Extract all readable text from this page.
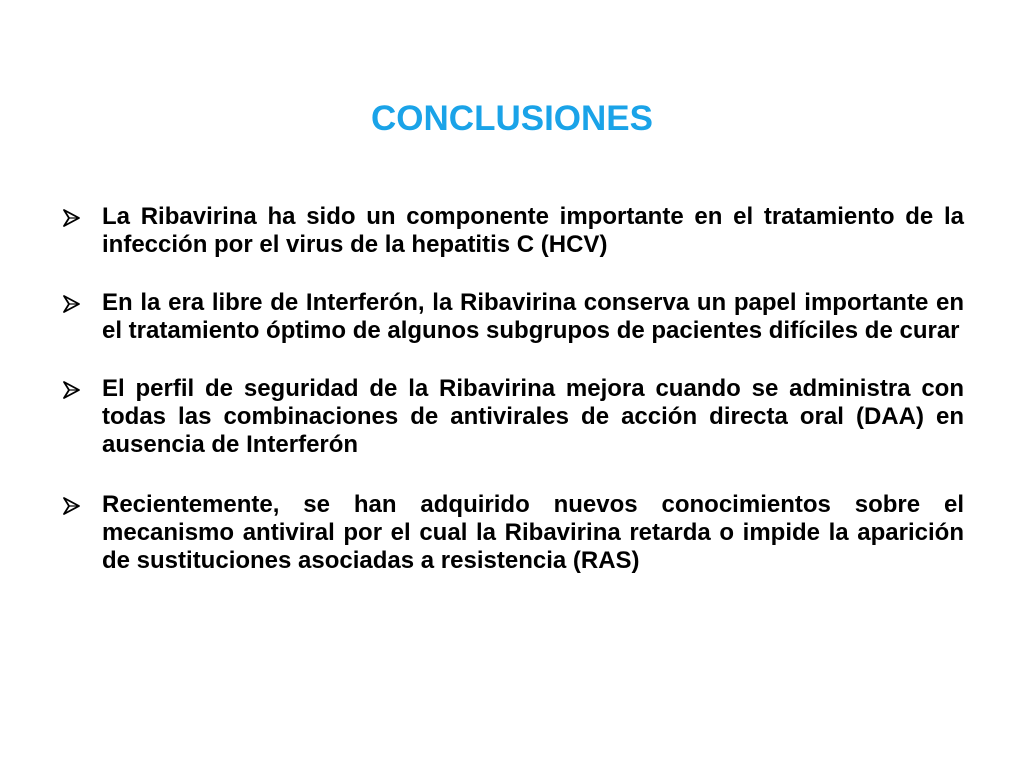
CONCLUSIONES
La Ribavirina ha sido un componente importante en el tratamiento de la infección por el virus de la hepatitis C (HCV)
En la era libre de Interferón, la Ribavirina conserva un papel importante en el tratamiento óptimo de algunos subgrupos de pacientes difíciles de curar
El perfil de seguridad de la Ribavirina mejora cuando se administra con todas las combinaciones de antivirales de acción directa oral (DAA) en ausencia de Interferón
Recientemente, se han adquirido nuevos conocimientos sobre el mecanismo antiviral por el cual la Ribavirina retarda o impide la aparición de sustituciones asociadas a resistencia (RAS)
